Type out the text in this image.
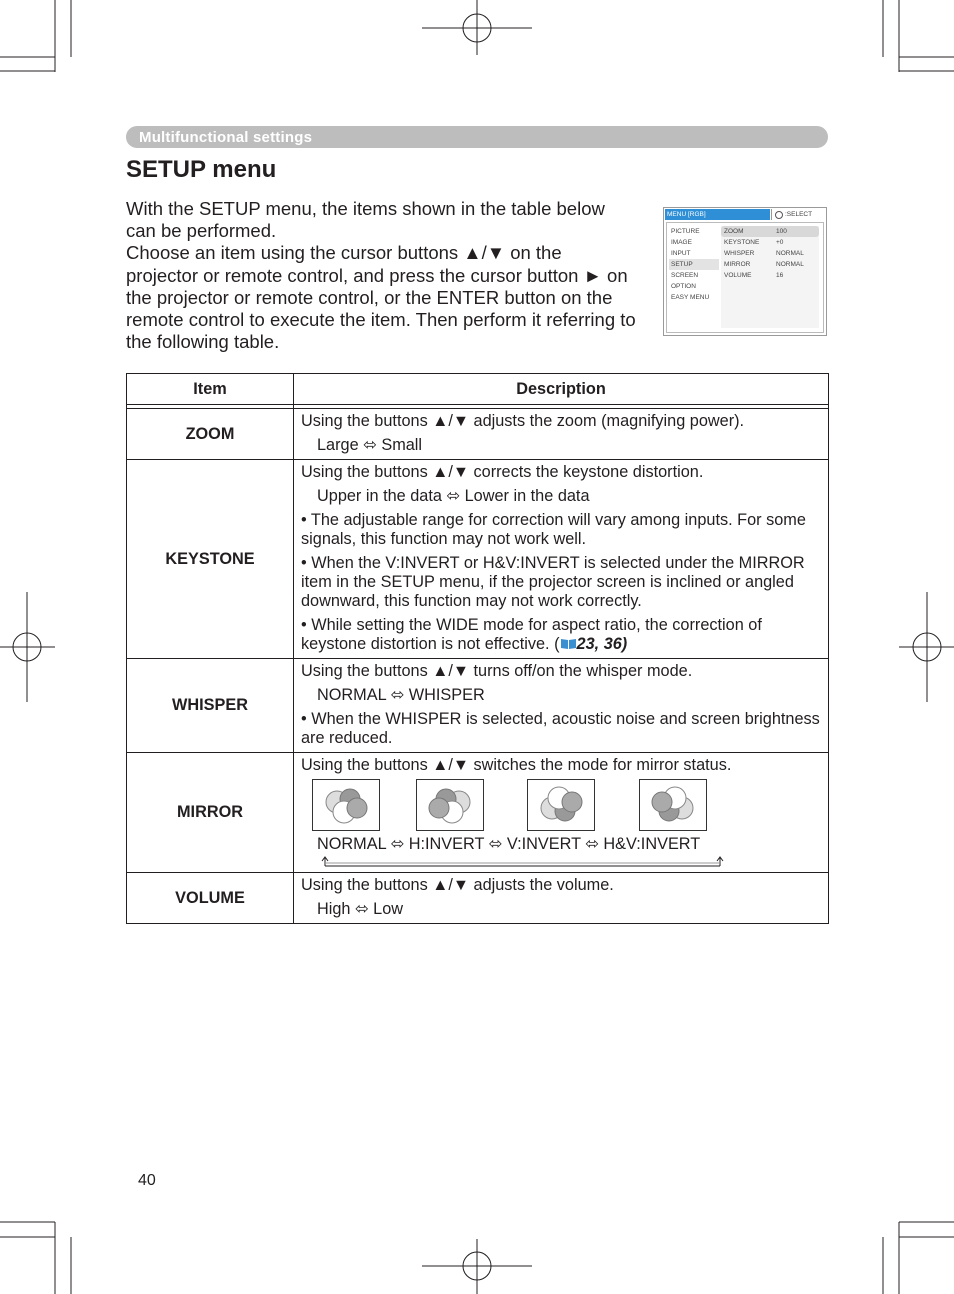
Multifunctional settings
SETUP menu

With the SETUP menu, the items shown in the table below can be performed.

Choose an item using the cursor buttons ▲/▼ on the projector or remote control, and press the cursor button ► on the projector or remote control, or the ENTER button on the remote control to execute the item. Then perform it referring to the following table.

MENU [RGB]	:SELECT
PICTURE
IMAGE
INPUT
SETUP
SCREEN
OPTION
EASY MENU
ZOOM	100
KEYSTONE	+0
WHISPER	NORMAL
MIRROR	NORMAL
VOLUME	16
Item	Description

ZOOM	Using the buttons ▲/▼ adjusts the zoom (magnifying power).
Large ⬄ Small

KEYSTONE	Using the buttons ▲/▼ corrects the keystone distortion.
Upper in the data ⬄ Lower in the data
• The adjustable range for correction will vary among inputs. For some signals, this function may not work well.
• When the V:INVERT or H&V:INVERT is selected under the MIRROR item in the SETUP menu, if the projector screen is inclined or angled downward, this function may not work correctly.
• While setting the WIDE mode for aspect ratio, the correction of keystone distortion is not effective. ( 23, 36)

WHISPER	Using the buttons ▲/▼ turns off/on the whisper mode.
NORMAL ⬄ WHISPER
• When the WHISPER is selected, acoustic noise and screen brightness are reduced.

MIRROR	Using the buttons ▲/▼ switches the mode for mirror status.
NORMAL ⬄ H:INVERT ⬄ V:INVERT ⬄ H&V:INVERT

VOLUME	Using the buttons ▲/▼ adjusts the volume.
High ⬄ Low
40
